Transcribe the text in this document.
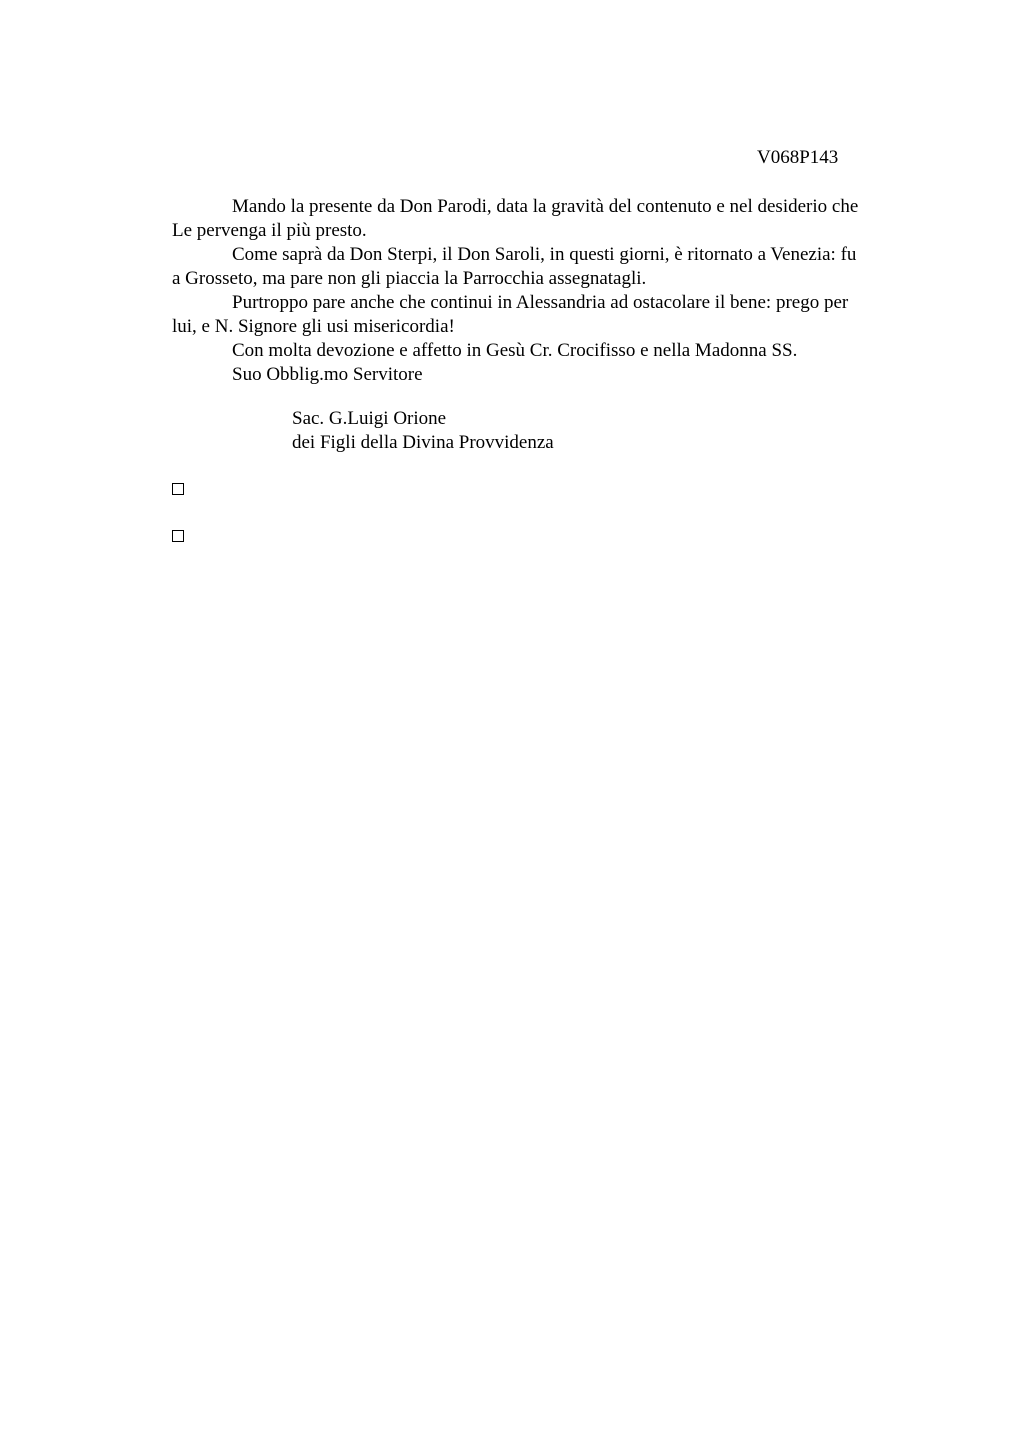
V068P143

Mando la presente da Don Parodi, data la gravità del contenuto e nel desiderio che

Le pervenga il più presto.

Come saprà da Don Sterpi, il Don Saroli, in questi giorni, è ritornato a Venezia: fu

a Grosseto, ma pare non gli piaccia la Parrocchia assegnatagli.

Purtroppo pare anche che continui in Alessandria ad ostacolare il bene: prego per

lui, e N. Signore gli usi misericordia!

Con molta devozione e affetto in Gesù Cr. Crocifisso e nella Madonna SS.

Suo Obblig.mo Servitore

Sac. G.Luigi Orione

dei Figli della Divina Provvidenza
